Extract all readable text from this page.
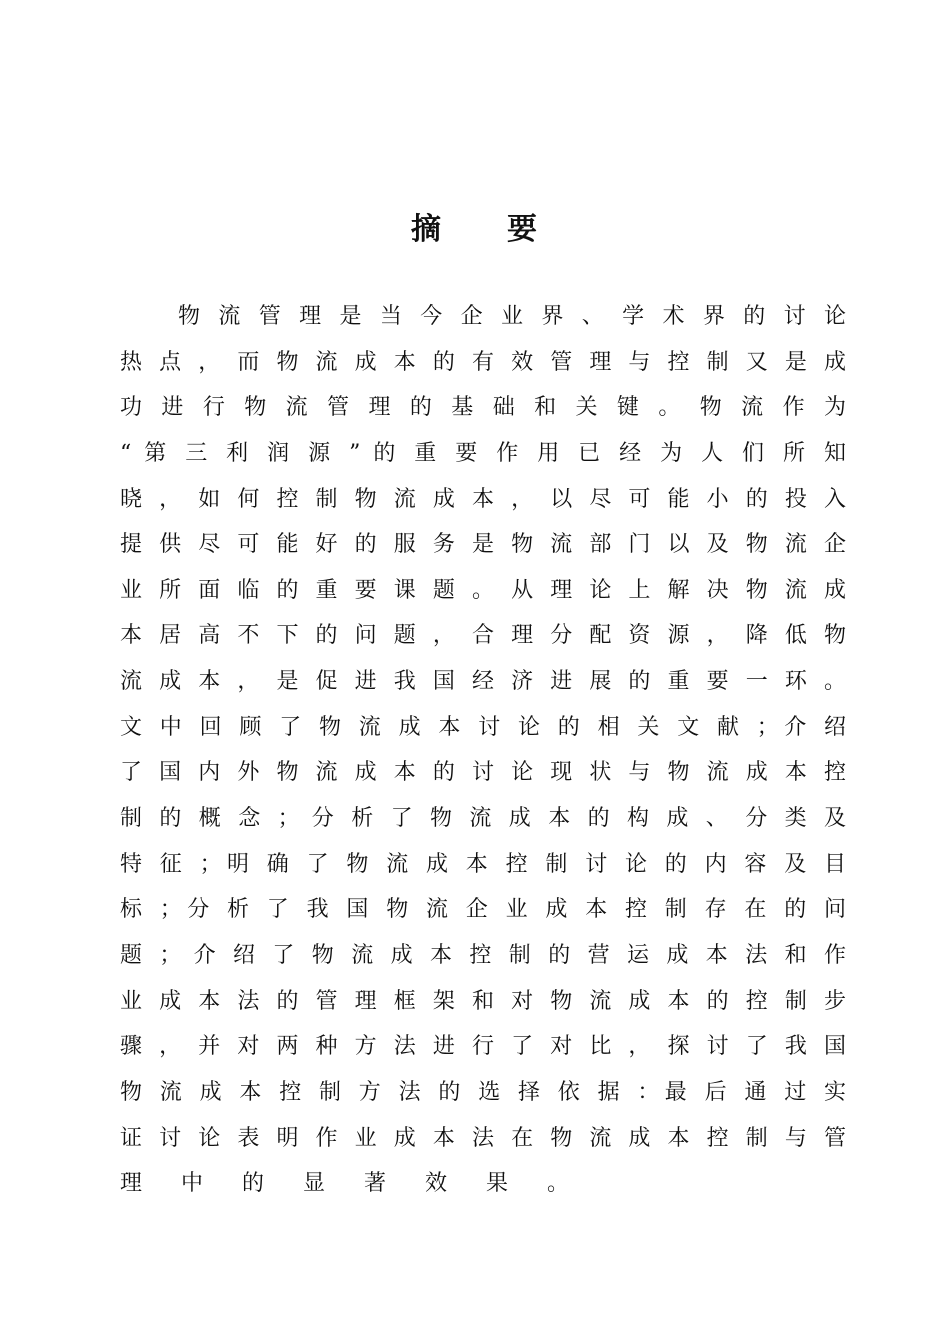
摘　　要
物 流 管 理 是 当 今 企 业 界 、 学 术 界 的 讨 论
热 点 ， 而 物 流 成 本 的 有 效 管 理 与 控 制 又 是 成
功 进 行 物 流 管 理 的 基 础 和 关 键 。 物 流 作 为
“ 第 三 利 润 源 ” 的 重 要 作 用 已 经 为 人 们 所 知
晓 ， 如 何 控 制 物 流 成 本 ， 以 尽 可 能 小 的 投 入
提 供 尽 可 能 好 的 服 务 是 物 流 部 门 以 及 物 流 企
业 所 面 临 的 重 要 课 题 。 从 理 论 上 解 决 物 流 成
本 居 高 不 下 的 问 题 ， 合 理 分 配 资 源 ， 降 低 物
流 成 本 ， 是 促 进 我 国 经 济 进 展 的 重 要 一 环 。
文 中 回 顾 了 物 流 成 本 讨 论 的 相 关 文 献 ；介 绍
了 国 内 外 物 流 成 本 的 讨 论 现 状 与 物 流 成 本 控
制 的 概 念 ； 分 析 了 物 流 成 本 的 构 成 、 分 类 及
特 征 ；明 确 了 物 流 成 本 控 制 讨 论 的 内 容 及 目
标 ；分 析 了 我 国 物 流 企 业 成 本 控 制 存 在 的 问
题 ； 介 绍 了 物 流 成 本 控 制 的 营 运 成 本 法 和 作
业 成 本 法 的 管 理 框 架 和 对 物 流 成 本 的 控 制 步
骤 ， 并 对 两 种 方 法 进 行 了 对 比 ， 探 讨 了 我 国
物 流 成 本 控 制 方 法 的 选 择 依 据 ：最 后 通 过 实
证 讨 论 表 明 作 业 成 本 法 在 物 流 成 本 控 制 与 管
理 中 的 显 著 效 果 。
